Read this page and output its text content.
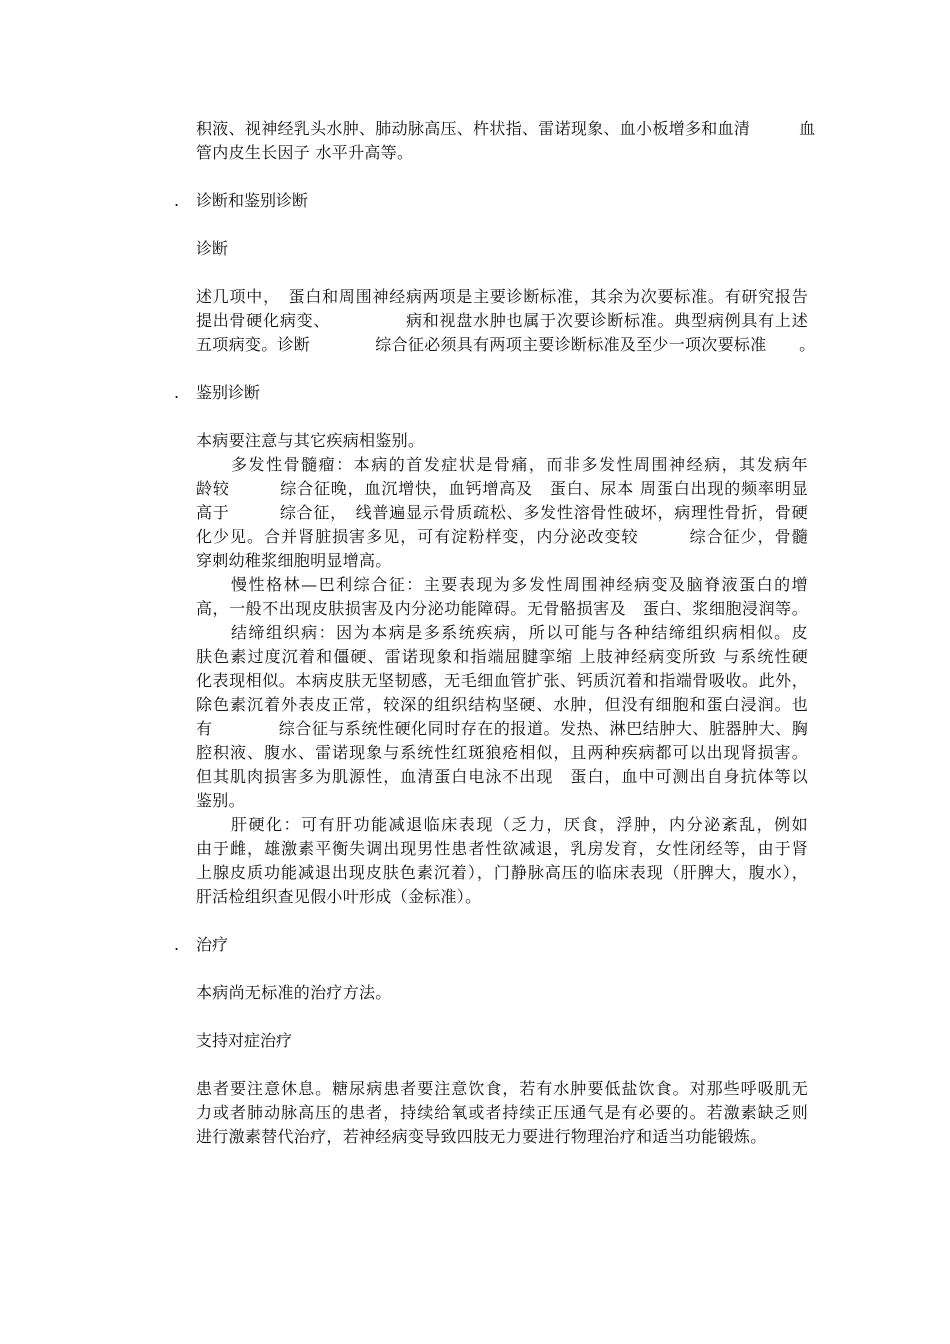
积液、视神经乳头水肿、肺动脉高压、杵状指、雷诺现象、血小板增多和血清　　　血
管内皮生长因子 水平升高等。
. 诊断和鉴别诊断
诊断
述几项中，　蛋白和周围神经病两项是主要诊断标准，其余为次要标准。有研究报告
提出骨硬化病变、　　　　　病和视盘水肿也属于次要诊断标准。典型病例具有上述
五项病变。诊断　　　　综合征必须具有两项主要诊断标准及至少一项次要标准　　。
. 鉴别诊断
本病要注意与其它疾病相鉴别。
　　多发性骨髓瘤：本病的首发症状是骨痛，而非多发性周围神经病，其发病年
龄较　　　综合征晚，血沉增快，血钙增高及　蛋白、尿本 周蛋白出现的频率明显
高于　　　综合征，　线普遍显示骨质疏松、多发性溶骨性破坏，病理性骨折，骨硬
化少见。合并肾脏损害多见，可有淀粉样变，内分泌改变较　　　综合征少，骨髓
穿刺幼稚浆细胞明显增高。
　　慢性格林—巴利综合征：主要表现为多发性周围神经病变及脑脊液蛋白的增
高，一般不出现皮肤损害及内分泌功能障碍。无骨骼损害及　蛋白、浆细胞浸润等。
　　结缔组织病：因为本病是多系统疾病，所以可能与各种结缔组织病相似。皮
肤色素过度沉着和僵硬、雷诺现象和指端屈腱挛缩 上肢神经病变所致 与系统性硬
化表现相似。本病皮肤无坚韧感，无毛细血管扩张、钙质沉着和指端骨吸收。此外，
除色素沉着外表皮正常，较深的组织结构坚硬、水肿，但没有细胞和蛋白浸润。也
有　　　　综合征与系统性硬化同时存在的报道。发热、淋巴结肿大、脏器肿大、胸
腔积液、腹水、雷诺现象与系统性红斑狼疮相似，且两种疾病都可以出现肾损害。
但其肌肉损害多为肌源性，血清蛋白电泳不出现　蛋白，血中可测出自身抗体等以
鉴别。
　　肝硬化：可有肝功能减退临床表现（乏力，厌食，浮肿，内分泌紊乱，例如
由于雌，雄激素平衡失调出现男性患者性欲减退，乳房发育，女性闭经等，由于肾
上腺皮质功能减退出现皮肤色素沉着），门静脉高压的临床表现（肝脾大，腹水），
肝活检组织查见假小叶形成（金标准）。
. 治疗
本病尚无标准的治疗方法。
支持对症治疗
患者要注意休息。糖尿病患者要注意饮食，若有水肿要低盐饮食。对那些呼吸肌无
力或者肺动脉高压的患者，持续给氧或者持续正压通气是有必要的。若激素缺乏则
进行激素替代治疗，若神经病变导致四肢无力要进行物理治疗和适当功能锻炼。
